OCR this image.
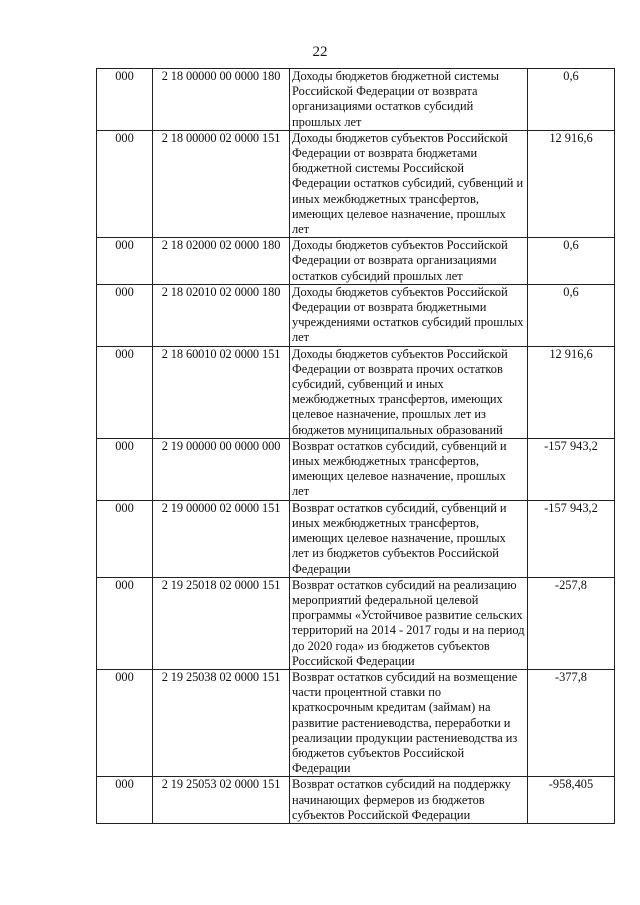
22
000	2 18 00000 00 0000 180	Доходы бюджетов бюджетной системы Российской Федерации от возврата организациями остатков субсидий прошлых лет	0,6
000	2 18 00000 02 0000 151	Доходы бюджетов субъектов Российской Федерации от возврата бюджетами бюджетной системы Российской Федерации остатков субсидий, субвенций и иных межбюджетных трансфертов, имеющих целевое назначение, прошлых лет	12 916,6
000	2 18 02000 02 0000 180	Доходы бюджетов субъектов Российской Федерации от возврата организациями остатков субсидий прошлых лет	0,6
000	2 18 02010 02 0000 180	Доходы бюджетов субъектов Российской Федерации от возврата бюджетными учреждениями остатков субсидий прошлых лет	0,6
000	2 18 60010 02 0000 151	Доходы бюджетов субъектов Российской Федерации от возврата прочих остатков субсидий, субвенций и иных межбюджетных трансфертов, имеющих целевое назначение, прошлых лет из бюджетов муниципальных образований	12 916,6
000	2 19 00000 00 0000 000	Возврат остатков субсидий, субвенций и иных межбюджетных трансфертов, имеющих целевое назначение, прошлых лет	-157 943,2
000	2 19 00000 02 0000 151	Возврат остатков субсидий, субвенций и иных межбюджетных трансфертов, имеющих целевое назначение, прошлых лет из бюджетов субъектов Российской Федерации	-157 943,2
000	2 19 25018 02 0000 151	Возврат остатков субсидий на реализацию мероприятий федеральной целевой программы «Устойчивое развитие сельских территорий на 2014 - 2017 годы и на период до 2020 года» из бюджетов субъектов Российской Федерации	-257,8
000	2 19 25038 02 0000 151	Возврат остатков субсидий на возмещение части процентной ставки по краткосрочным кредитам (займам) на развитие растениеводства, переработки и реализации продукции растениеводства из бюджетов субъектов Российской Федерации	-377,8
000	2 19 25053 02 0000 151	Возврат остатков субсидий на поддержку начинающих фермеров из бюджетов субъектов Российской Федерации	-958,405
